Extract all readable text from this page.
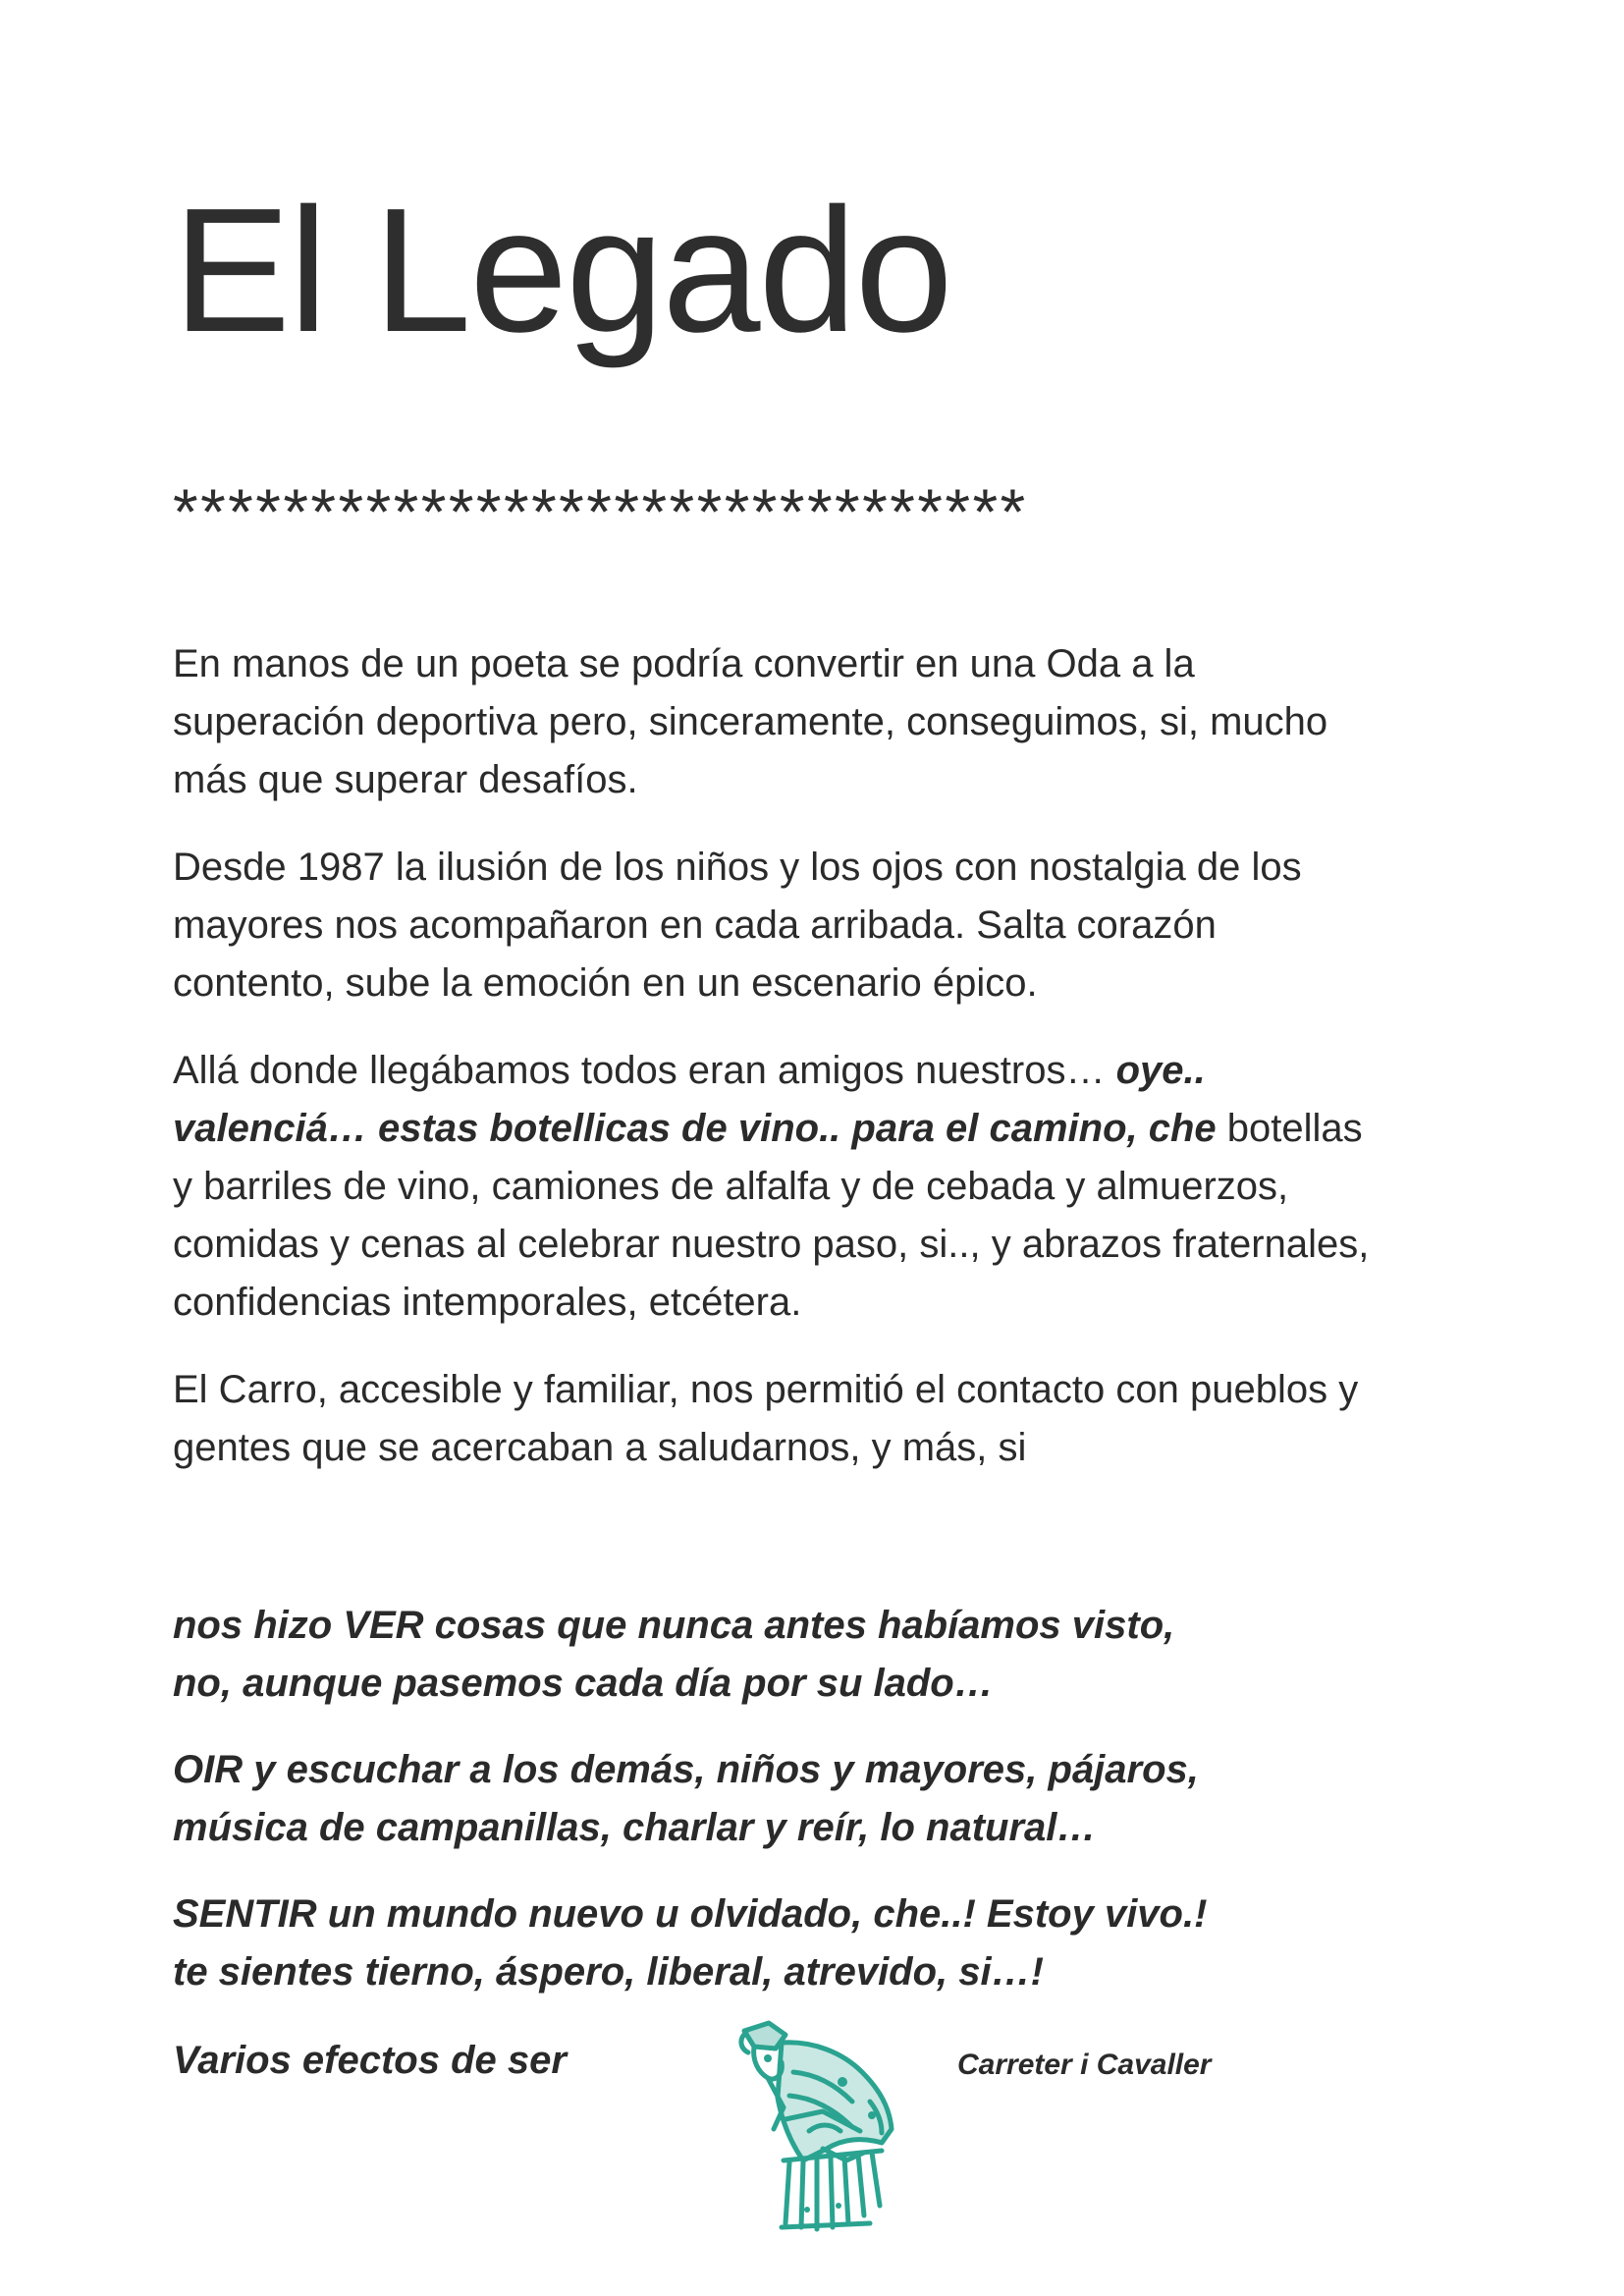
El Legado
*******************************

En manos de un poeta se podría convertir en una Oda a la superación deportiva pero, sinceramente, conseguimos, si, mucho más que superar desafíos.

Desde 1987 la ilusión de los niños y los ojos con nostalgia de los mayores nos acompañaron en cada arribada. Salta corazón contento, sube la emoción en un escenario épico.

Allá donde llegábamos todos eran amigos nuestros… oye.. valenciá… estas botellicas de vino.. para el camino, che botellas y barriles de vino, camiones de alfalfa y de cebada y almuerzos, comidas y cenas al celebrar nuestro paso, si.., y abrazos fraternales, confidencias intemporales, etcétera.

El Carro, accesible y familiar, nos permitió el contacto con pueblos y gentes que se acercaban a saludarnos, y más, si

nos hizo VER cosas que nunca antes habíamos visto,
no, aunque pasemos cada día por su lado…
OIR y escuchar a los demás, niños y mayores, pájaros,
música de campanillas, charlar y reír, lo natural…
SENTIR un mundo nuevo u olvidado, che..! Estoy vivo.!
te sientes tierno, áspero, liberal, atrevido, si…!
Varios efectos de ser	Carreter i Cavaller
